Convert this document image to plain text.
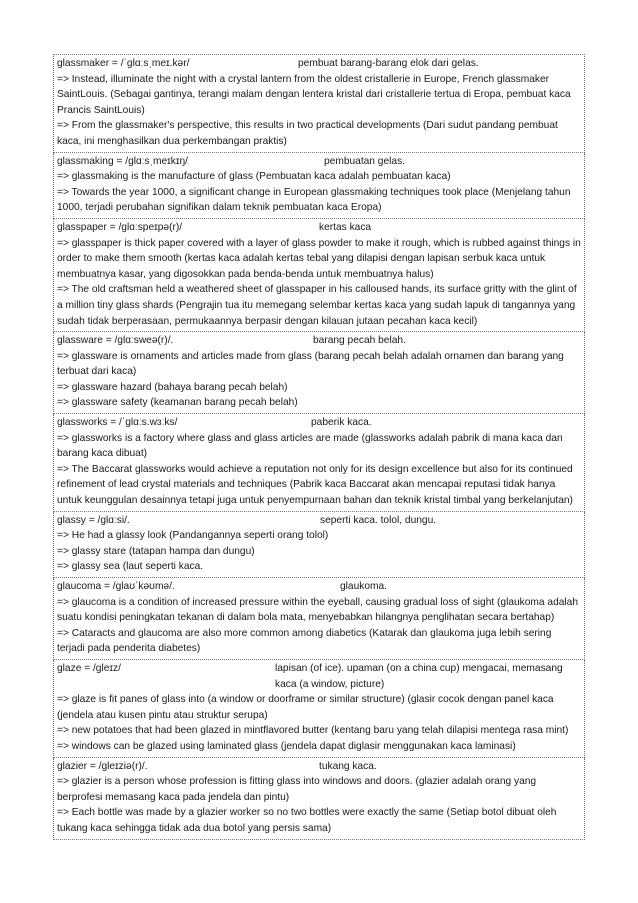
glassmaker = /ˈɡlɑːsˌmeɪ.kər/	pembuat barang-barang elok dari gelas.
=> Instead, illuminate the night with a crystal lantern from the oldest cristallerie in Europe, French glassmaker SaintLouis. (Sebagai gantinya, terangi malam dengan lentera kristal dari cristallerie tertua di Eropa, pembuat kaca Prancis SaintLouis)
=> From the glassmaker's perspective, this results in two practical developments (Dari sudut pandang pembuat kaca, ini menghasilkan dua perkembangan praktis)
glassmaking = /ɡlɑːsˌmeɪkɪŋ/	pembuatan gelas.
=> glassmaking is the manufacture of glass (Pembuatan kaca adalah pembuatan kaca)
=> Towards the year 1000, a significant change in European glassmaking techniques took place (Menjelang tahun 1000, terjadi perubahan signifikan dalam teknik pembuatan kaca Eropa)
glasspaper = /ɡlɑːspeɪpə(r)/	kertas kaca
=> glasspaper is thick paper covered with a layer of glass powder to make it rough, which is rubbed against things in order to make them smooth (kertas kaca adalah kertas tebal yang dilapisi dengan lapisan serbuk kaca untuk membuatnya kasar, yang digosokkan pada benda-benda untuk membuatnya halus)
=> The old craftsman held a weathered sheet of glasspaper in his calloused hands, its surface gritty with the glint of a million tiny glass shards (Pengrajin tua itu memegang selembar kertas kaca yang sudah lapuk di tangannya yang sudah tidak berperasaan, permukaannya berpasir dengan kilauan jutaan pecahan kaca kecil)
glassware = /ɡlɑːsweə(r)/.	barang pecah belah.
=> glassware is ornaments and articles made from glass (barang pecah belah adalah ornamen dan barang yang terbuat dari kaca)
=> glassware hazard (bahaya barang pecah belah)
=> glassware safety (keamanan barang pecah belah)
glassworks = /ˈɡlɑːs.wɜːks/	paberik kaca.
=> glassworks is a factory where glass and glass articles are made (glassworks adalah pabrik di mana kaca dan barang kaca dibuat)
=> The Baccarat glassworks would achieve a reputation not only for its design excellence but also for its continued refinement of lead crystal materials and techniques (Pabrik kaca Baccarat akan mencapai reputasi tidak hanya untuk keunggulan desainnya tetapi juga untuk penyempurnaan bahan dan teknik kristal timbal yang berkelanjutan)
glassy = /ɡlɑːsi/.	seperti kaca. tolol, dungu.
=> He had a glassy look (Pandangannya seperti orang tolol)
=> glassy stare (tatapan hampa dan dungu)
=> glassy sea (laut seperti kaca.
glaucoma = /ɡlaʊˈkəʊmə/.	glaukoma.
=> glaucoma is a condition of increased pressure within the eyeball, causing gradual loss of sight (glaukoma adalah suatu kondisi peningkatan tekanan di dalam bola mata, menyebabkan hilangnya penglihatan secara bertahap)
=> Cataracts and glaucoma are also more common among diabetics (Katarak dan glaukoma juga lebih sering terjadi pada penderita diabetes)
glaze = /ɡleɪz/	lapisan (of ice). upaman (on a china cup) mengacai, memasang kaca (a window, picture)
=> glaze is fit panes of glass into (a window or doorframe or similar structure) (glasir cocok dengan panel kaca (jendela atau kusen pintu atau struktur serupa)
=> new potatoes that had been glazed in mintflavored butter (kentang baru yang telah dilapisi mentega rasa mint)
=> windows can be glazed using laminated glass (jendela dapat diglasir menggunakan kaca laminasi)
glazier = /ɡleɪziə(r)/.	tukang kaca.
=> glazier is a person whose profession is fitting glass into windows and doors. (glazier adalah orang yang berprofesi memasang kaca pada jendela dan pintu)
=> Each bottle was made by a glazier worker so no two bottles were exactly the same (Setiap botol dibuat oleh tukang kaca sehingga tidak ada dua botol yang persis sama)
